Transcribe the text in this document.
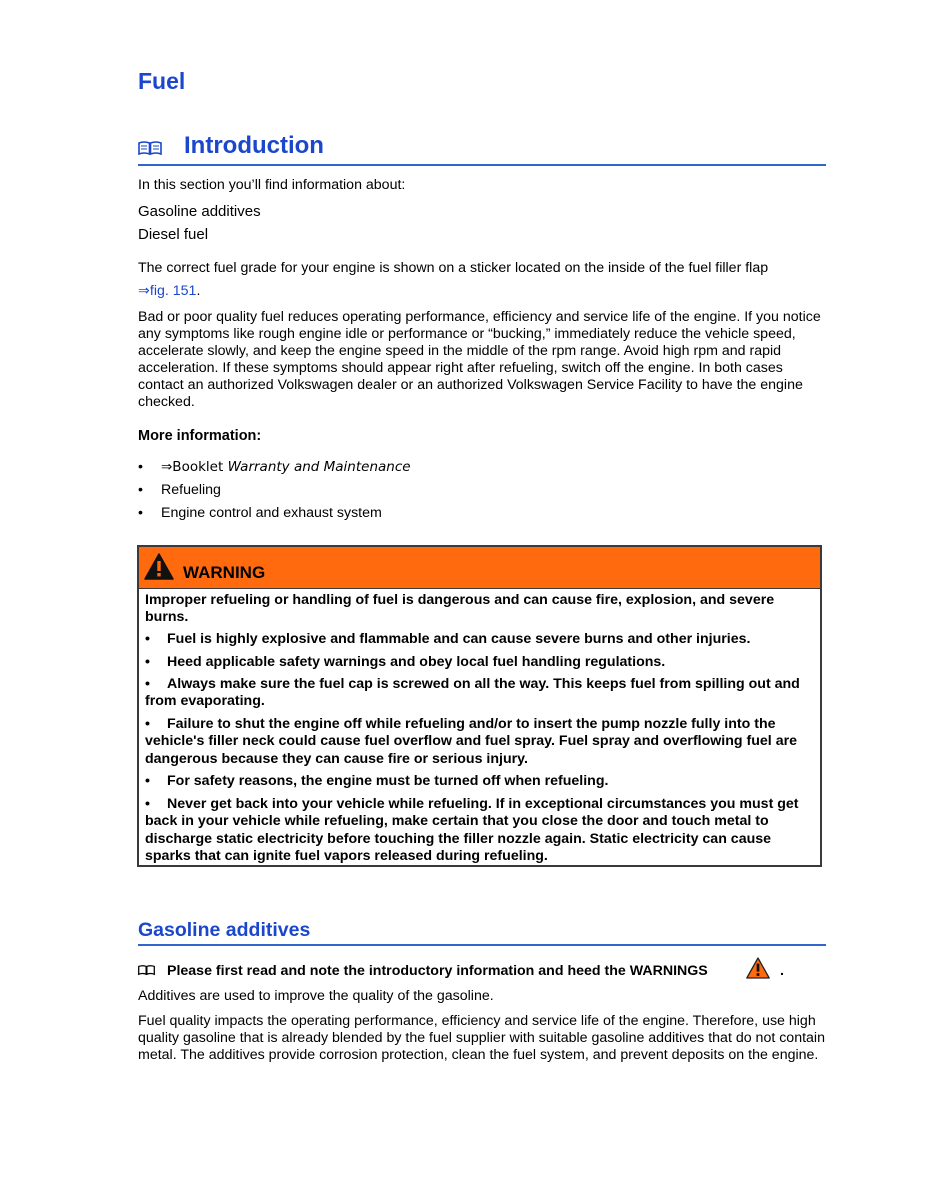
Fuel
Introduction

In this section you’ll find information about:

Gasoline additives

Diesel fuel

The correct fuel grade for your engine is shown on a sticker located on the inside of the fuel filler flap

⇒fig. 151.

Bad or poor quality fuel reduces operating performance, efficiency and service life of the engine. If you notice any symptoms like rough engine idle or performance or “bucking,” immediately reduce the vehicle speed, accelerate slowly, and keep the engine speed in the middle of the rpm range. Avoid high rpm and rapid acceleration. If these symptoms should appear right after refueling, switch off the engine. In both cases contact an authorized Volkswagen dealer or an authorized Volkswagen Service Facility to have the engine checked.

More information:

• ⇒Booklet Warranty and Maintenance
• Refueling
• Engine control and exhaust system
WARNING

Improper refueling or handling of fuel is dangerous and can cause fire, explosion, and severe burns.

• Fuel is highly explosive and flammable and can cause severe burns and other injuries.

• Heed applicable safety warnings and obey local fuel handling regulations.

• Always make sure the fuel cap is screwed on all the way. This keeps fuel from spilling out and from evaporating.

• Failure to shut the engine off while refueling and/or to insert the pump nozzle fully into the vehicle's filler neck could cause fuel overflow and fuel spray. Fuel spray and overflowing fuel are dangerous because they can cause fire or serious injury.

• For safety reasons, the engine must be turned off when refueling.

• Never get back into your vehicle while refueling. If in exceptional circumstances you must get back in your vehicle while refueling, make certain that you close the door and touch metal to discharge static electricity before touching the filler nozzle again. Static electricity can cause sparks that can ignite fuel vapors released during refueling.

Gasoline additives
Please first read and note the introductory information and heed the WARNINGS	.

Additives are used to improve the quality of the gasoline.

Fuel quality impacts the operating performance, efficiency and service life of the engine. Therefore, use high quality gasoline that is already blended by the fuel supplier with suitable gasoline additives that do not contain metal. The additives provide corrosion protection, clean the fuel system, and prevent deposits on the engine.
